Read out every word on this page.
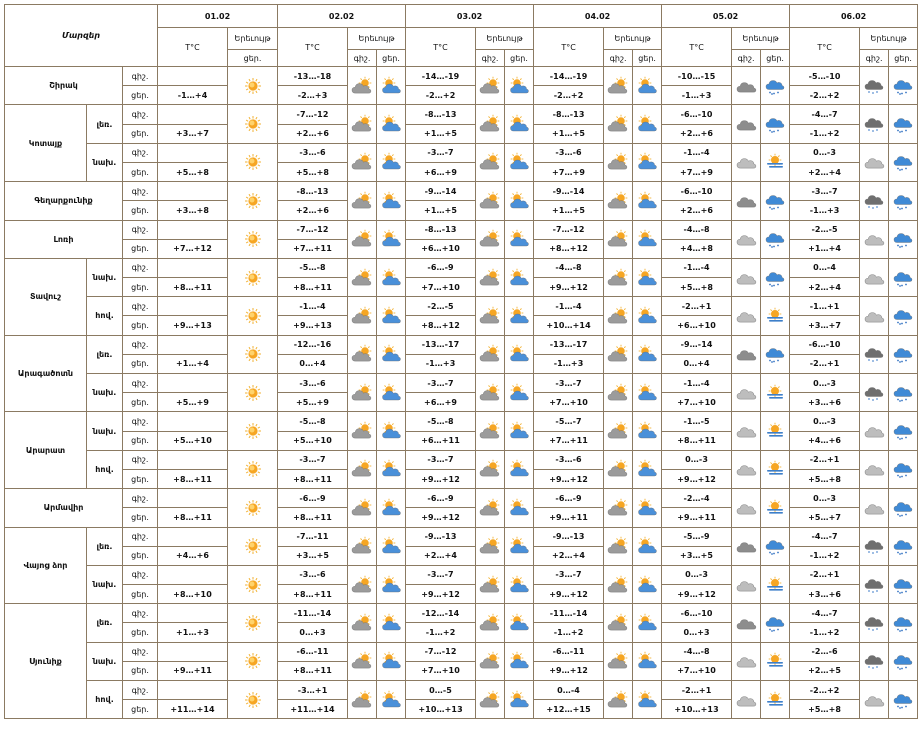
Մարզեր			01.02		02.02			03.02			04.02			05.02			06.02		
			T°C	Երեւույթ	T°C	Երեւույթ		T°C	Երեւույթ		T°C	Երեւույթ		T°C	Երեւույթ		T°C	Երեւույթ	
				ցեր.		գիշ.	ցեր.		գիշ.	ցեր.		գիշ.	ցեր.		գիշ.	ցեր.		գիշ.	ցեր.
Շիրակ		գիշ.			-13…-18			-14…-19			-14…-19			-10…-15			-5…-10	

		ցեր.	-1…+4		-2…+3			-2…+2			-2…+2			-1…+3			-2…+2		
Կոտայք	լեռ.	գիշ.			-7…-12			-8…-13			-8…-13			-6…-10			-4…-7	

		ցեր.	+3…+7		+2…+6			+1…+5			+1…+5			+2…+6			-1…+2		
	նախ.	գիշ.			-3…-6			-3…-7			-3…-6			-1…-4			0…-3	

		ցեր.	+5…+8		+5…+8			+6…+9			+7…+9			+7…+9			+2…+4		
Գեղարքունիք		գիշ.			-8…-13			-9…-14			-9…-14			-6…-10			-3…-7	

		ցեր.	+3…+8		+2…+6			+1…+5			+1…+5			+2…+6			-1…+3		
Լոռի		գիշ.			-7…-12			-8…-13			-7…-12			-4…-8			-2…-5	

		ցեր.	+7…+12		+7…+11			+6…+10			+8…+12			+4…+8			+1…+4		
Տավուշ	նախ.	գիշ.			-5…-8			-6…-9			-4…-8			-1…-4			0…-4	

		ցեր.	+8…+11		+8…+11			+7…+10			+9…+12			+5…+8			+2…+4		
	հով.	գիշ.			-1…-4			-2…-5			-1…-4			-2…+1			-1…+1	

		ցեր.	+9…+13		+9…+13			+8…+12			+10…+14			+6…+10			+3…+7		
Արագածոտն	լեռ.	գիշ.			-12…-16			-13…-17			-13…-17			-9…-14			-6…-10	

		ցեր.	+1…+4		0…+4			-1…+3			-1…+3			0…+4			-2…+1		
	նախ.	գիշ.			-3…-6			-3…-7			-3…-7			-1…-4			0…-3	

		ցեր.	+5…+9		+5…+9			+6…+9			+7…+10			+7…+10			+3…+6		
Արարատ	նախ.	գիշ.			-5…-8			-5…-8			-5…-7			-1…-5			0…-3	

		ցեր.	+5…+10		+5…+10			+6…+11			+7…+11			+8…+11			+4…+6		
	հով.	գիշ.			-3…-7			-3…-7			-3…-6			0…-3			-2…+1	

		ցեր.	+8…+11		+8…+11			+9…+12			+9…+12			+9…+12			+5…+8		
Արմավիր		գիշ.			-6…-9			-6…-9			-6…-9			-2…-4			0…-3	

		ցեր.	+8…+11		+8…+11			+9…+12			+9…+11			+9…+11			+5…+7		
Վայոց ձոր	լեռ.	գիշ.			-7…-11			-9…-13			-9…-13			-5…-9			-4…-7	

		ցեր.	+4…+6		+3…+5			+2…+4			+2…+4			+3…+5			-1…+2		
	նախ.	գիշ.			-3…-6			-3…-7			-3…-7			0…-3			-2…+1	

		ցեր.	+8…+10		+8…+11			+9…+12			+9…+12			+9…+12			+3…+6		
Սյունիք	լեռ.	գիշ.			-11…-14			-12…-14			-11…-14			-6…-10			-4…-7	

		ցեր.	+1…+3		0…+3			-1…+2			-1…+2			0…+3			-1…+2		
	նախ.	գիշ.			-6…-11			-7…-12			-6…-11			-4…-8			-2…-6	

		ցեր.	+9…+11		+8…+11			+7…+10			+9…+12			+7…+10			+2…+5		
	հով.	գիշ.			-3…+1			0…-5			0…-4			-2…+1			-2…+2	

		ցեր.	+11…+14		+11…+14			+10…+13			+12…+15			+10…+13			+5…+8		
